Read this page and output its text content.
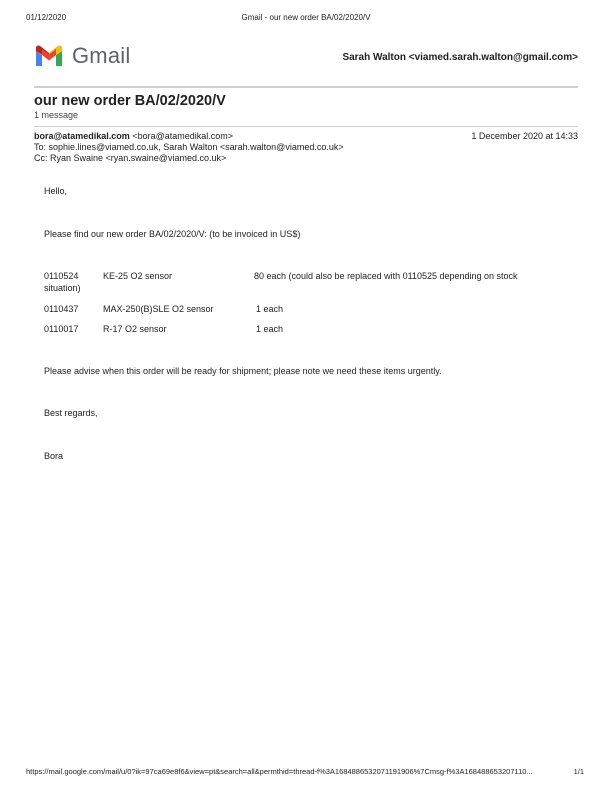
01/12/2020	Gmail - our new order BA/02/2020/V
Gmail	Sarah Walton <viamed.sarah.walton@gmail.com>
our new order BA/02/2020/V
1 message
bora@atamedikal.com <bora@atamedikal.com>	1 December 2020 at 14:33
To: sophie.lines@viamed.co.uk, Sarah Walton <sarah.walton@viamed.co.uk>
Cc: Ryan Swaine <ryan.swaine@viamed.co.uk>
Hello,
Please find our new order BA/02/2020/V: (to be invoiced in US$)
0110524	KE-25 O2 sensor	80 each (could also be replaced with 0110525 depending on stock
situation)
0110437	MAX-250(B)SLE O2 sensor	1 each
0110017	R-17 O2 sensor	1 each
Please advise when this order will be ready for shipment; please note we need these items urgently.
Best regards,
Bora
https://mail.google.com/mail/u/0?ik=97ca69e8f6&view=pt&search=all&permthid=thread-f%3A1684886532071191906%7Cmsg-f%3A168488653207110...	1/1
